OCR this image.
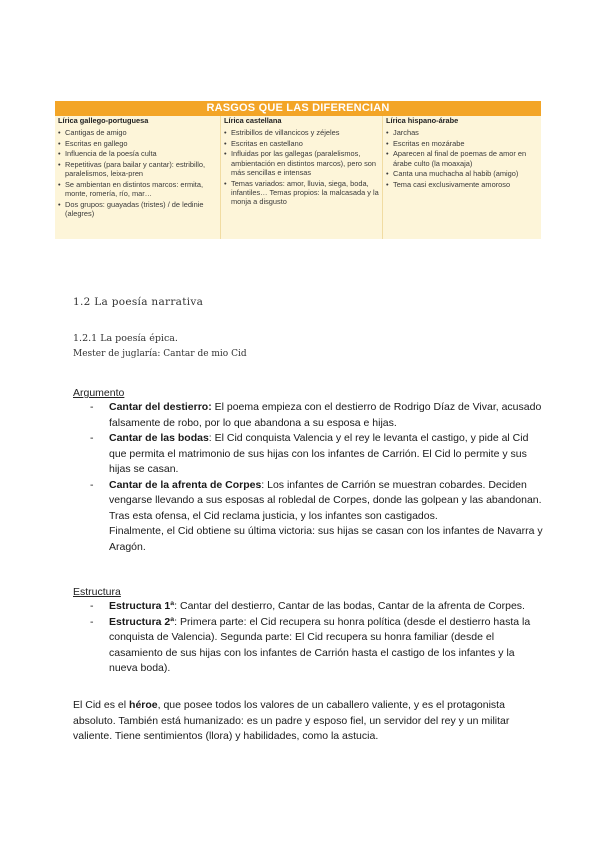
RASGOS QUE LAS DIFERENCIAN
Lírica gallego-portuguesa
• Cantigas de amigo
• Escritas en gallego
• Influencia de la poesía culta
• Repetitivas (para bailar y cantar): estribillo, paralelismos, leixa-pren
• Se ambientan en distintos marcos: ermita, monte, romería, río, mar…
• Dos grupos: guayadas (tristes) / de ledinie (alegres)
Lírica castellana
• Estribillos de villancicos y zéjeles
• Escritas en castellano
• Influidas por las gallegas (paralelismos, ambientación en distintos marcos), pero son más sencillas e intensas
• Temas variados: amor, lluvia, siega, boda, infantiles… Temas propios: la malcasada y la monja a disgusto
Lírica hispano-árabe
• Jarchas
• Escritas en mozárabe
• Aparecen al final de poemas de amor en árabe culto (la moaxaja)
• Canta una muchacha al habib (amigo)
• Tema casi exclusivamente amoroso
1.2 La poesía narrativa
1.2.1 La poesía épica.
Mester de juglaría: Cantar de mio Cid
Argumento
- Cantar del destierro: El poema empieza con el destierro de Rodrigo Díaz de Vivar, acusado falsamente de robo, por lo que abandona a su esposa e hijas.
- Cantar de las bodas: El Cid conquista Valencia y el rey le levanta el castigo, y pide al Cid que permita el matrimonio de sus hijas con los infantes de Carrión. El Cid lo permite y sus hijas se casan.
- Cantar de la afrenta de Corpes: Los infantes de Carrión se muestran cobardes. Deciden vengarse llevando a sus esposas al robledal de Corpes, donde las golpean y las abandonan. Tras esta ofensa, el Cid reclama justicia, y los infantes son castigados.
Finalmente, el Cid obtiene su última victoria: sus hijas se casan con los infantes de Navarra y Aragón.
Estructura
- Estructura 1ª: Cantar del destierro, Cantar de las bodas, Cantar de la afrenta de Corpes.
- Estructura 2ª: Primera parte: el Cid recupera su honra política (desde el destierro hasta la conquista de Valencia). Segunda parte: El Cid recupera su honra familiar (desde el casamiento de sus hijas con los infantes de Carrión hasta el castigo de los infantes y la nueva boda).
El Cid es el héroe, que posee todos los valores de un caballero valiente, y es el protagonista absoluto. También está humanizado: es un padre y esposo fiel, un servidor del rey y un militar valiente. Tiene sentimientos (llora) y habilidades, como la astucia.
